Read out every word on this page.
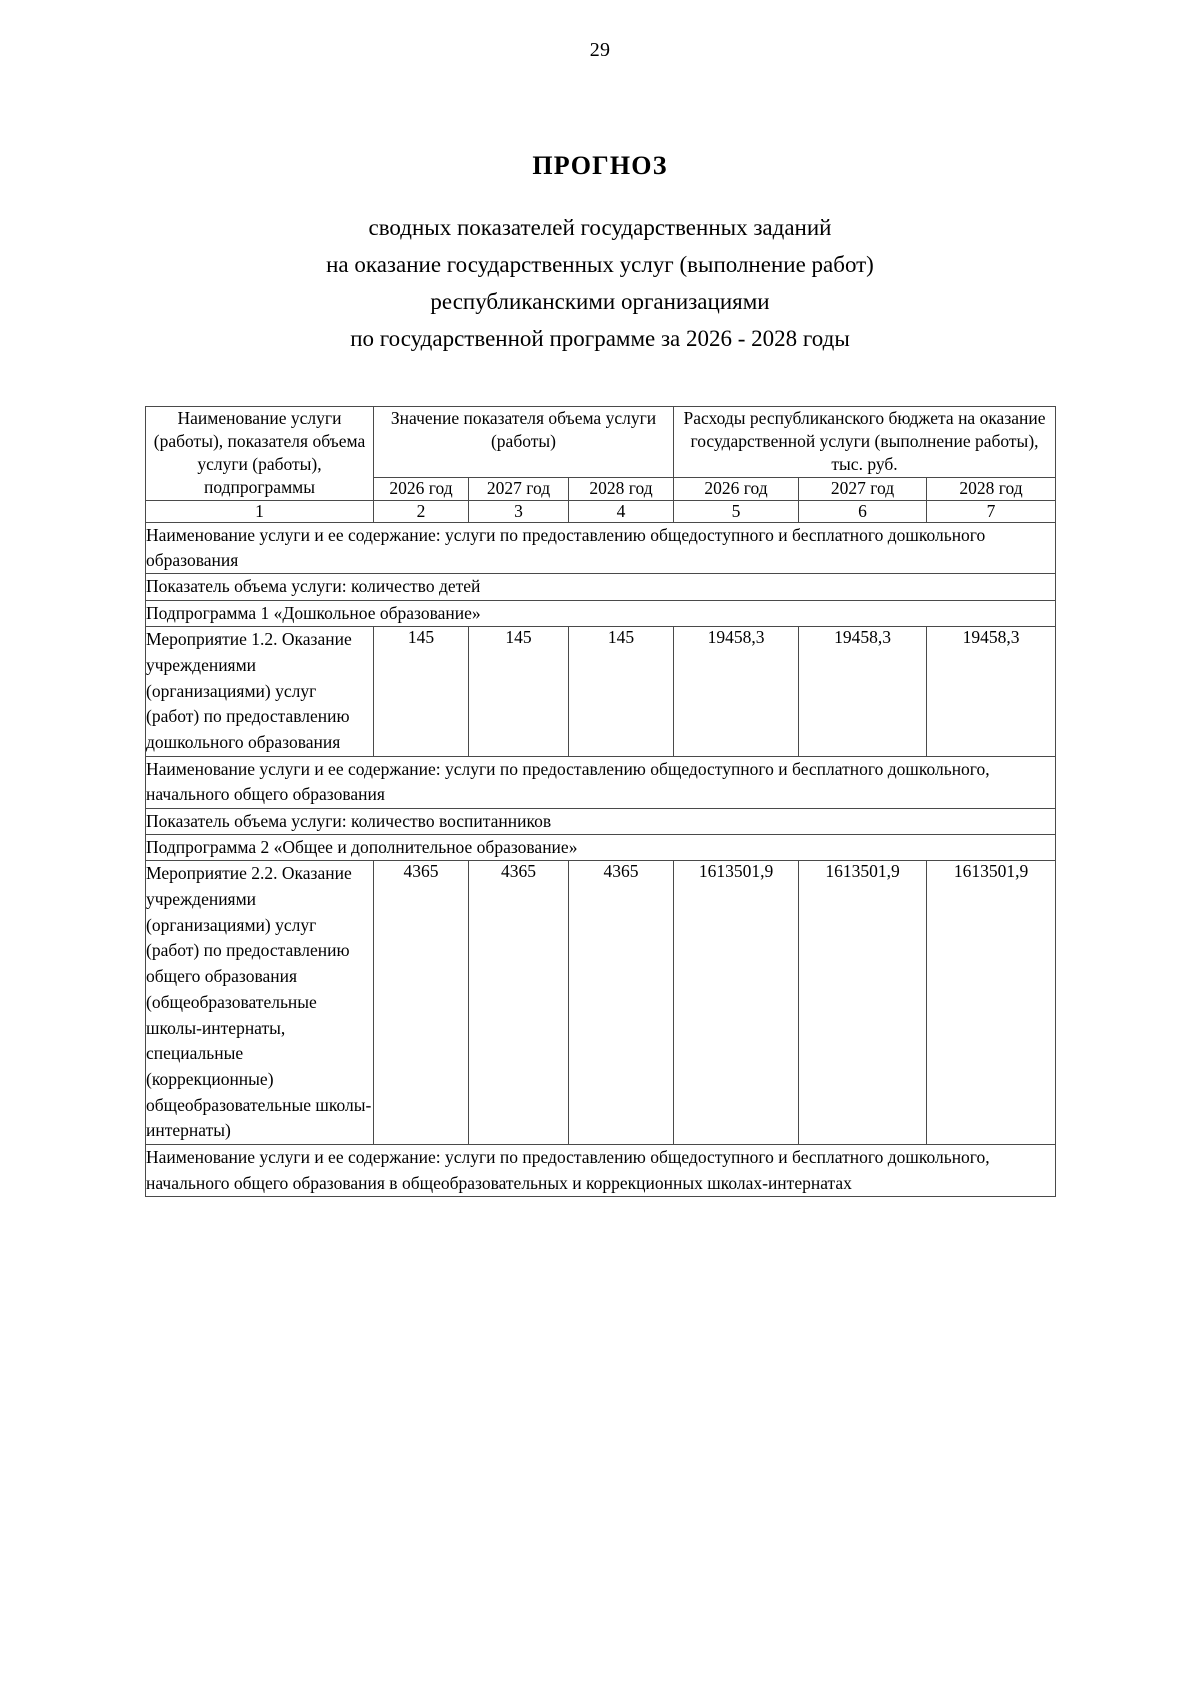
29
ПРОГНОЗ
сводных показателей государственных заданий
на оказание государственных услуг (выполнение работ)
республиканскими организациями
по государственной программе за 2026 - 2028 годы
Наименование услуги (работы), показателя объема услуги (работы), подпрограммы	Значение показателя объема услуги (работы)			Расходы республиканского бюджета на оказание государственной услуги (выполнение работы), тыс. руб.		
	2026 год	2027 год	2028 год	2026 год	2027 год	2028 год
1	2	3	4	5	6	7
Наименование услуги и ее содержание: услуги по предоставлению общедоступного и бесплатного дошкольного образования						
Показатель объема услуги: количество детей						
Подпрограмма 1 «Дошкольное образование»						
Мероприятие 1.2. Оказание учреждениями (организациями) услуг (работ) по предоставлению дошкольного образования	145	145	145	19458,3	19458,3	19458,3
Наименование услуги и ее содержание: услуги по предоставлению общедоступного и бесплатного дошкольного, начального общего образования						
Показатель объема услуги: количество воспитанников						
Подпрограмма 2 «Общее и дополнительное образование»						
Мероприятие 2.2. Оказание учреждениями (организациями) услуг (работ) по предоставлению общего образования (общеобразовательные школы-интернаты, специальные (коррекционные) общеобразовательные школы-интернаты)	4365	4365	4365	1613501,9	1613501,9	1613501,9
Наименование услуги и ее содержание: услуги по предоставлению общедоступного и бесплатного дошкольного, начального общего образования в общеобразовательных и коррекционных школах-интернатах						
